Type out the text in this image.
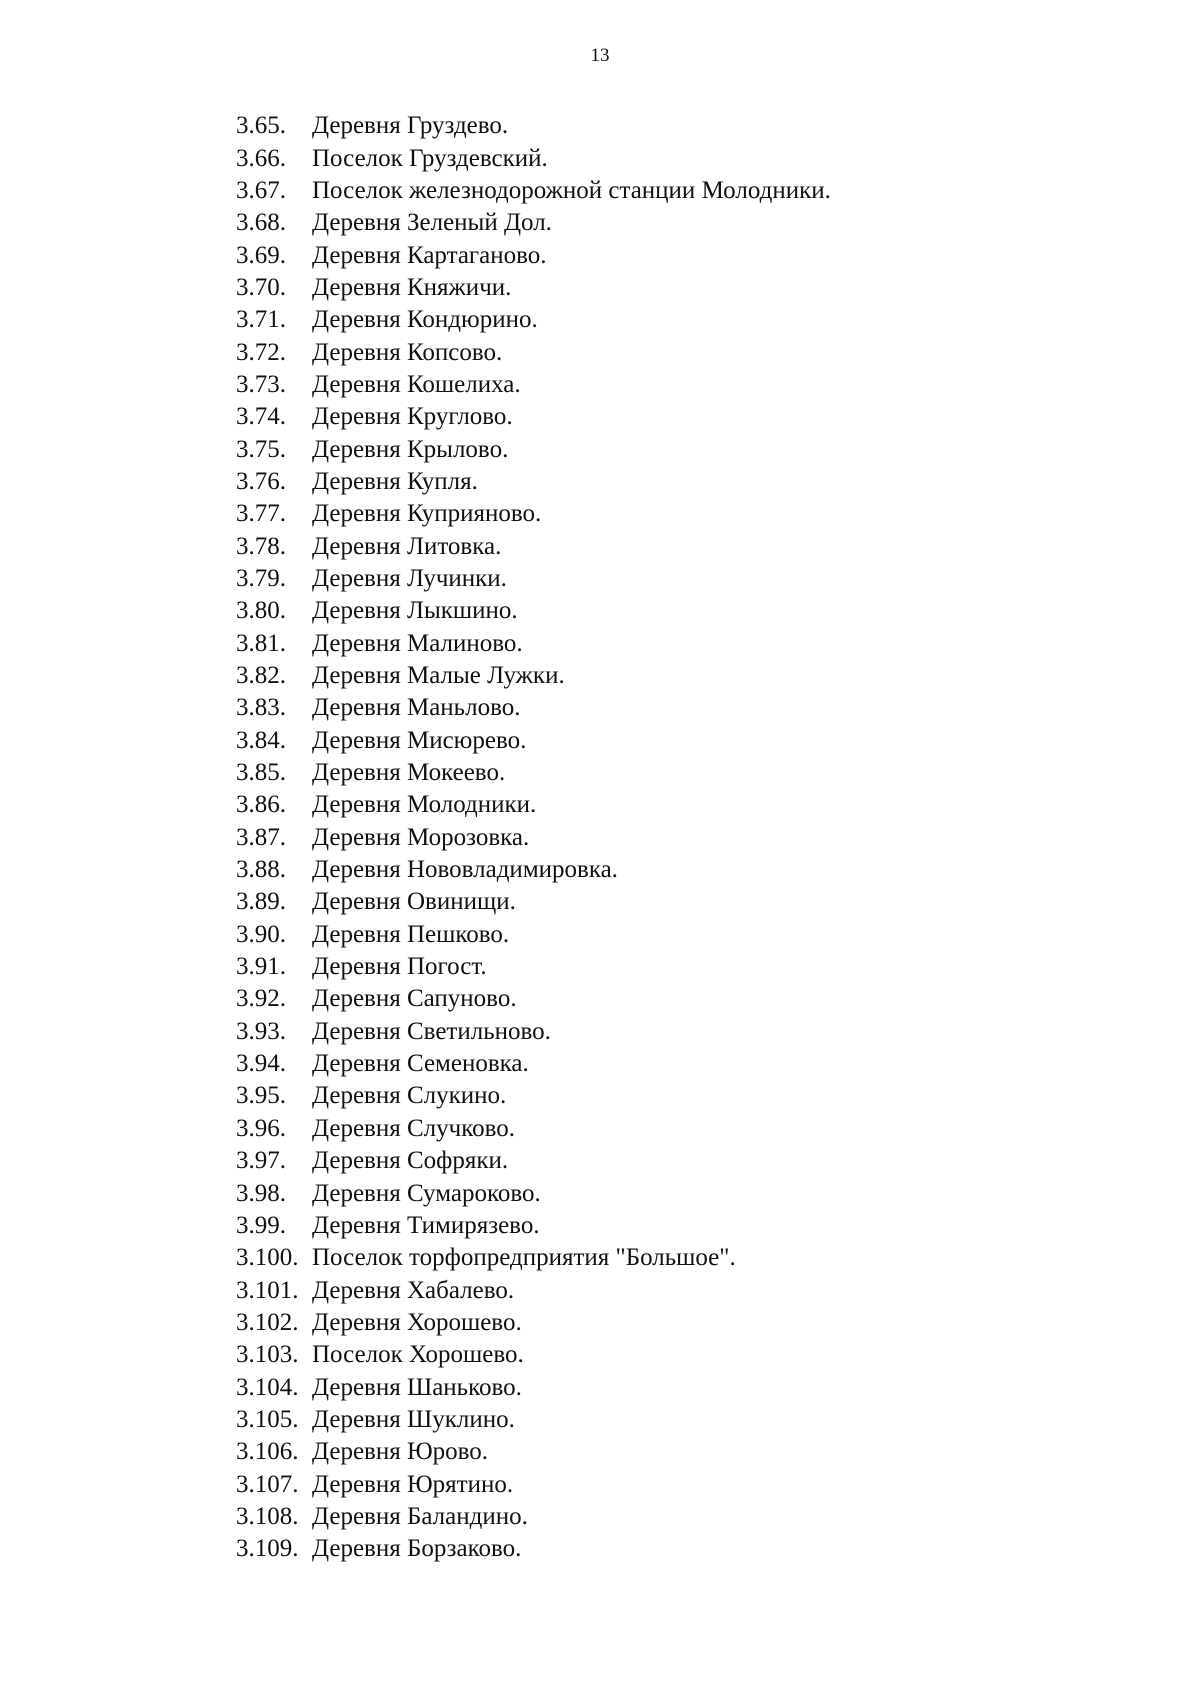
13
3.65.	Деревня Груздево.
3.66.	Поселок Груздевский.
3.67.	Поселок железнодорожной станции Молодники.
3.68.	Деревня Зеленый Дол.
3.69.	Деревня Картаганово.
3.70.	Деревня Княжичи.
3.71.	Деревня Кондюрино.
3.72.	Деревня Копсово.
3.73.	Деревня Кошелиха.
3.74.	Деревня Круглово.
3.75.	Деревня Крылово.
3.76.	Деревня Купля.
3.77.	Деревня Куприяново.
3.78.	Деревня Литовка.
3.79.	Деревня Лучинки.
3.80.	Деревня Лыкшино.
3.81.	Деревня Малиново.
3.82.	Деревня Малые Лужки.
3.83.	Деревня Маньлово.
3.84.	Деревня Мисюрево.
3.85.	Деревня Мокеево.
3.86.	Деревня Молодники.
3.87.	Деревня Морозовка.
3.88.	Деревня Нововладимировка.
3.89.	Деревня Овинищи.
3.90.	Деревня Пешково.
3.91.	Деревня Погост.
3.92.	Деревня Сапуново.
3.93.	Деревня Светильново.
3.94.	Деревня Семеновка.
3.95.	Деревня Слукино.
3.96.	Деревня Случково.
3.97.	Деревня Софряки.
3.98.	Деревня Сумароково.
3.99.	Деревня Тимирязево.
3.100. Поселок торфопредприятия "Большое".
3.101. Деревня Хабалево.
3.102. Деревня Хорошево.
3.103. Поселок Хорошево.
3.104. Деревня Шаньково.
3.105. Деревня Шуклино.
3.106. Деревня Юрово.
3.107. Деревня Юрятино.
3.108. Деревня Баландино.
3.109. Деревня Борзаково.
